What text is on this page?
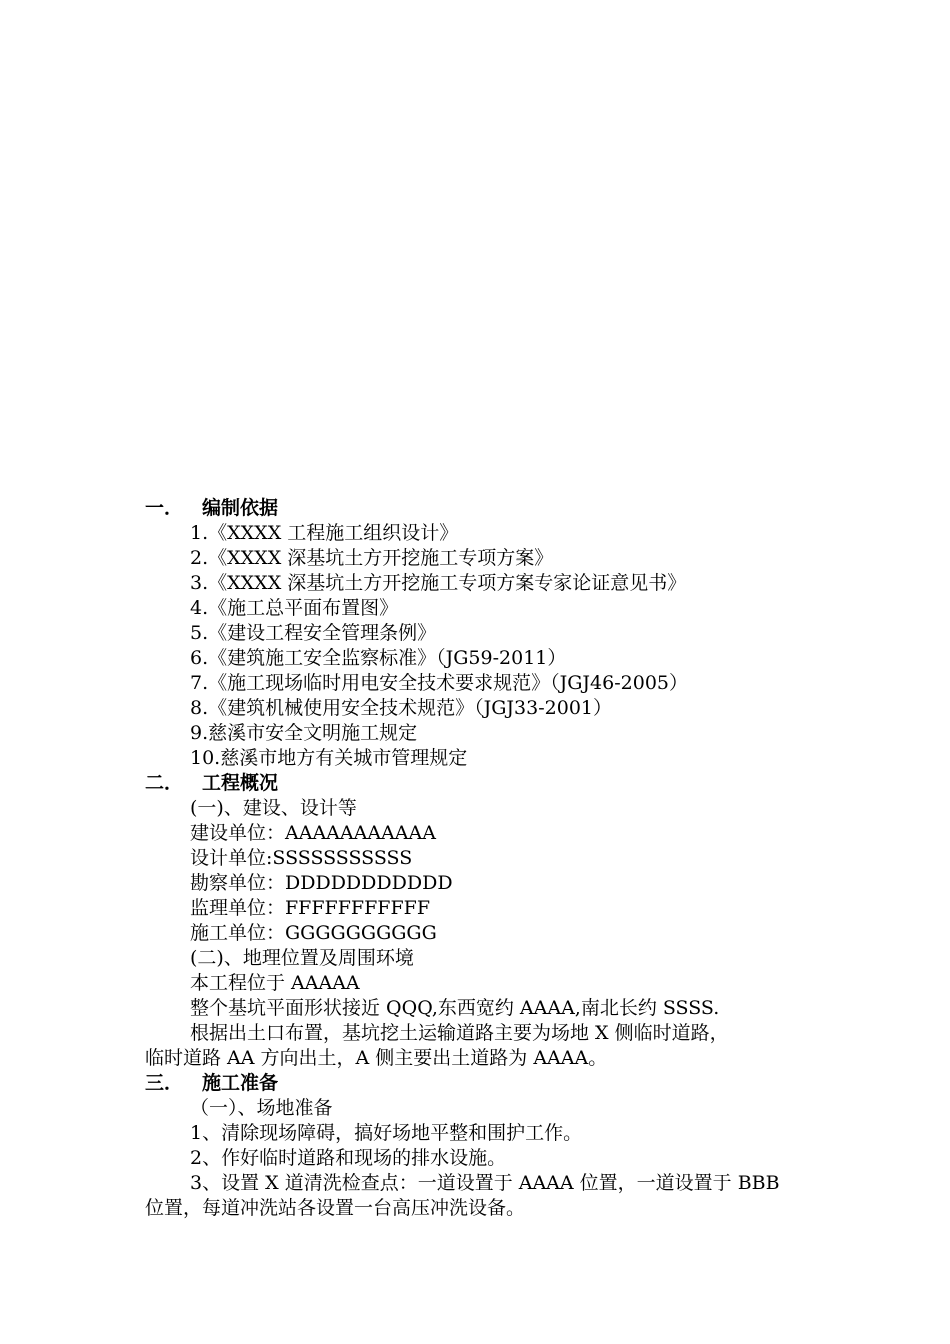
一． 编制依据
1.《XXXX 工程施工组织设计》
2.《XXXX 深基坑土方开挖施工专项方案》
3.《XXXX 深基坑土方开挖施工专项方案专家论证意见书》
4.《施工总平面布置图》
5.《建设工程安全管理条例》
6.《建筑施工安全监察标准》（JG59-2011）
7.《施工现场临时用电安全技术要求规范》（JGJ46-2005）
8.《建筑机械使用安全技术规范》（JGJ33-2001）
9.慈溪市安全文明施工规定
10.慈溪市地方有关城市管理规定
二． 工程概况
(一)、建设、设计等
建设单位：AAAAAAAAAAA
设计单位:SSSSSSSSSSS
勘察单位：DDDDDDDDDDD
监理单位：FFFFFFFFFFF
施工单位：GGGGGGGGGG
(二)、地理位置及周围环境
本工程位于 AAAAA
整个基坑平面形状接近 QQQ,东西宽约 AAAA,南北长约 SSSS.
根据出土口布置，基坑挖土运输道路主要为场地 X 侧临时道路，
临时道路 AA 方向出土，A 侧主要出土道路为 AAAA。
三． 施工准备
（一）、场地准备
1、清除现场障碍，搞好场地平整和围护工作。
2、作好临时道路和现场的排水设施。
3、设置 X 道清洗检查点：一道设置于 AAAA 位置，一道设置于 BBB
位置，每道冲洗站各设置一台高压冲洗设备。
